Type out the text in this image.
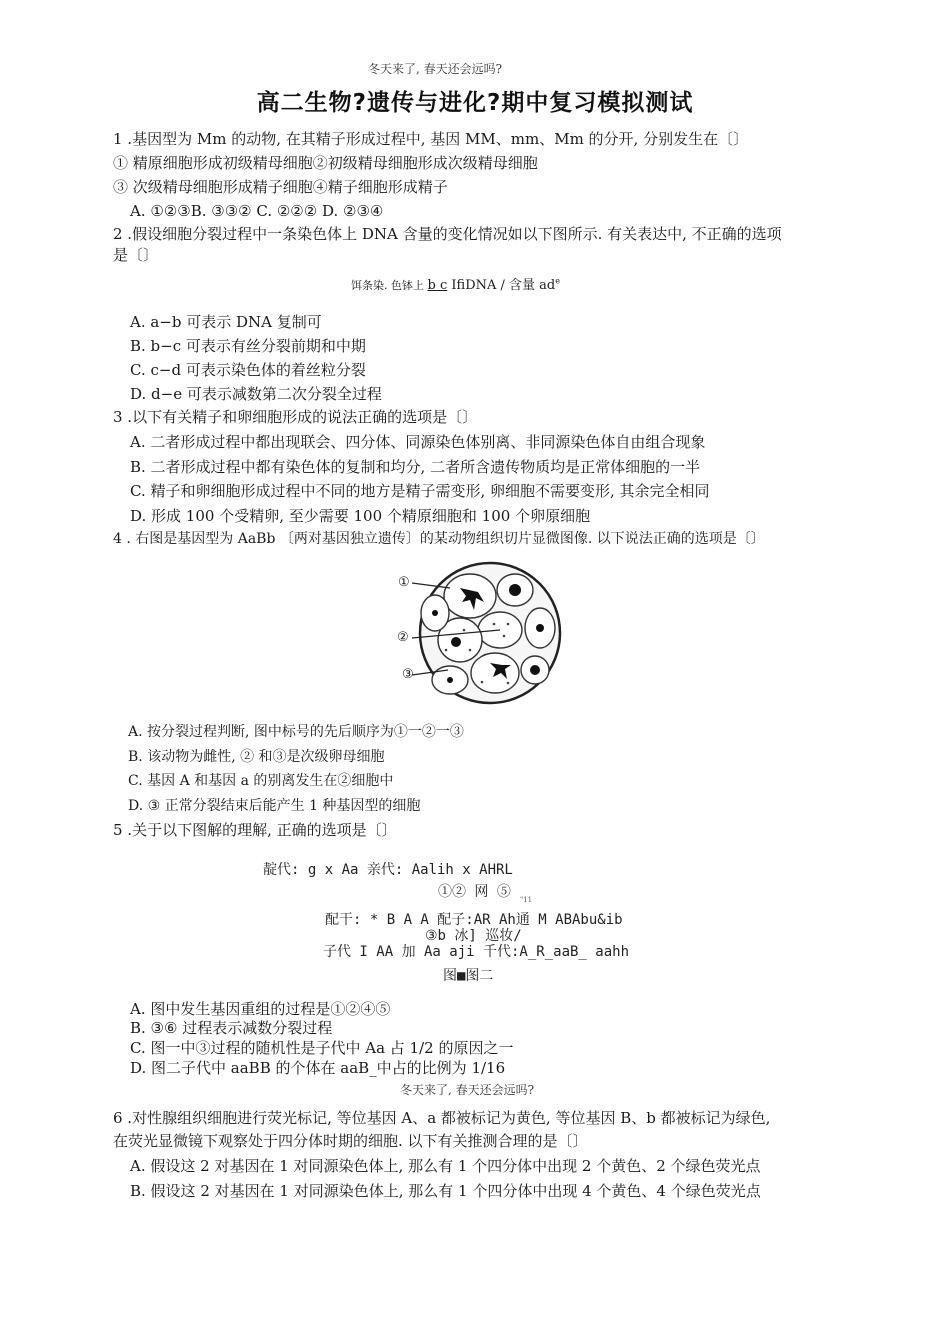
冬天来了, 春天还会远吗?
高二生物?遗传与进化?期中复习模拟测试
1 .基因型为 Mm 的动物, 在其精子形成过程中, 基因 MM、mm、Mm 的分开, 分别发生在〔〕
① 精原细胞形成初级精母细胞②初级精母细胞形成次级精母细胞
③ 次级精母细胞形成精子细胞④精子细胞形成精子
A. ①②③B. ③③② C. ②②② D. ②③④
2 .假设细胞分裂过程中一条染色体上 DNA 含量的变化情况如以下图所示. 有关表达中, 不正确的选项
是〔〕
饵条染. 色钵上 b c IfiDNA / 含量 $ad^e$
A. a−b 可表示 DNA 复制可
B. b−c 可表示有丝分裂前期和中期
C. c−d 可表示染色体的着丝粒分裂
D. d−e 可表示减数第二次分裂全过程
3 .以下有关精子和卵细胞形成的说法正确的选项是〔〕
A. 二者形成过程中都出现联会、四分体、同源染色体别离、非同源染色体自由组合现象
B. 二者形成过程中都有染色体的复制和均分, 二者所含遗传物质均是正常体细胞的一半
C. 精子和卵细胞形成过程中不同的地方是精子需变形, 卵细胞不需要变形, 其余完全相同
D. 形成 100 个受精卵, 至少需要 100 个精原细胞和 100 个卵原细胞
4 . 右图是基因型为 AaBb 〔两对基因独立遗传〕的某动物组织切片显微图像. 以下说法正确的选项是〔〕
①
②
③
A. 按分裂过程判断, 图中标号的先后顺序为①一②一③
B. 该动物为雌性, ② 和③是次级卵母细胞
C. 基因 A 和基因 a 的别离发生在②细胞中
D. ③ 正常分裂结束后能产生 1 种基因型的细胞
5 .关于以下图解的理解, 正确的选项是〔〕
靛代: g x Aa 亲代: Aalih x AHRL
①② 网 ⑤ "11
配干: * B A A 配子:AR Ah通 M ABAbu&ib
③b 冰] 巡妆/
子代 I AA 加 Aa aji 千代:A_R_aaB_ aahh
图■图二
A. 图中发生基因重组的过程是①②④⑤
B. ③⑥ 过程表示减数分裂过程
C. 图一中③过程的随机性是子代中 Aa 占 1/2 的原因之一
D. 图二子代中 aaBB 的个体在 aaB_中占的比例为 1/16
冬天来了, 春天还会远吗?
6 .对性腺组织细胞进行荧光标记, 等位基因 A、a 都被标记为黄色, 等位基因 B、b 都被标记为绿色,
在荧光显微镜下观察处于四分体时期的细胞. 以下有关推测合理的是〔〕
A. 假设这 2 对基因在 1 对同源染色体上, 那么有 1 个四分体中出现 2 个黄色、2 个绿色荧光点
B. 假设这 2 对基因在 1 对同源染色体上, 那么有 1 个四分体中出现 4 个黄色、4 个绿色荧光点
